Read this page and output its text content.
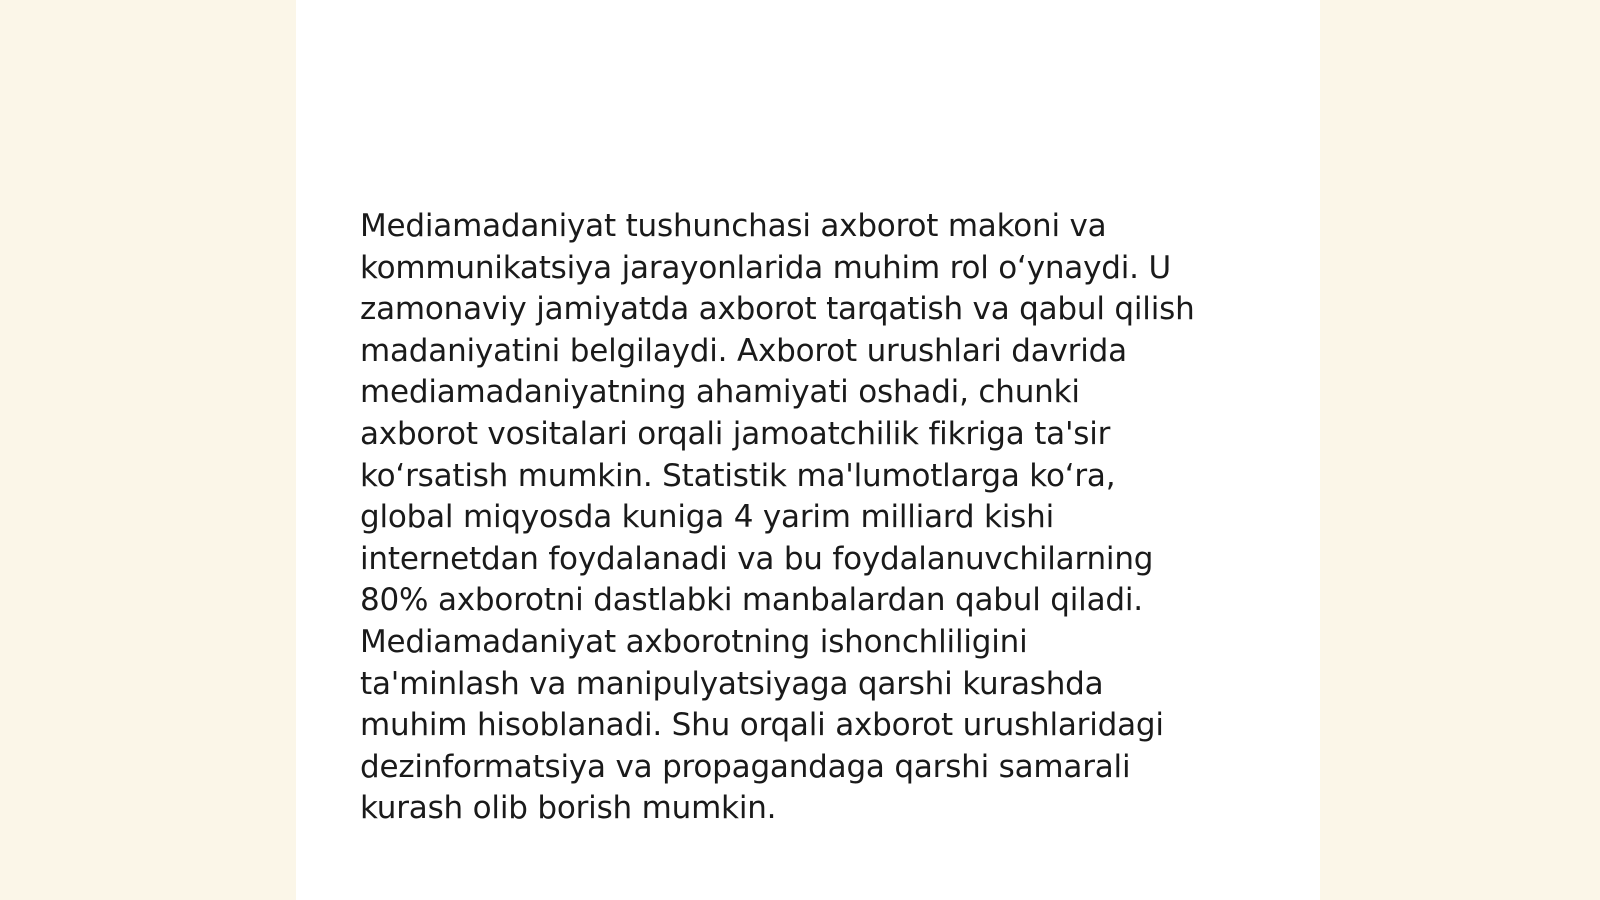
Mediamadaniyat tushunchasi axborot makoni va
kommunikatsiya jarayonlarida muhim rol oʻynaydi. U
zamonaviy jamiyatda axborot tarqatish va qabul qilish
madaniyatini belgilaydi. Axborot urushlari davrida
mediamadaniyatning ahamiyati oshadi, chunki
axborot vositalari orqali jamoatchilik fikriga ta'sir
koʻrsatish mumkin. Statistik ma'lumotlarga koʻra,
global miqyosda kuniga 4 yarim milliard kishi
internetdan foydalanadi va bu foydalanuvchilarning
80% axborotni dastlabki manbalardan qabul qiladi.
Mediamadaniyat axborotning ishonchliligini
ta'minlash va manipulyatsiyaga qarshi kurashda
muhim hisoblanadi. Shu orqali axborot urushlaridagi
dezinformatsiya va propagandaga qarshi samarali
kurash olib borish mumkin.
